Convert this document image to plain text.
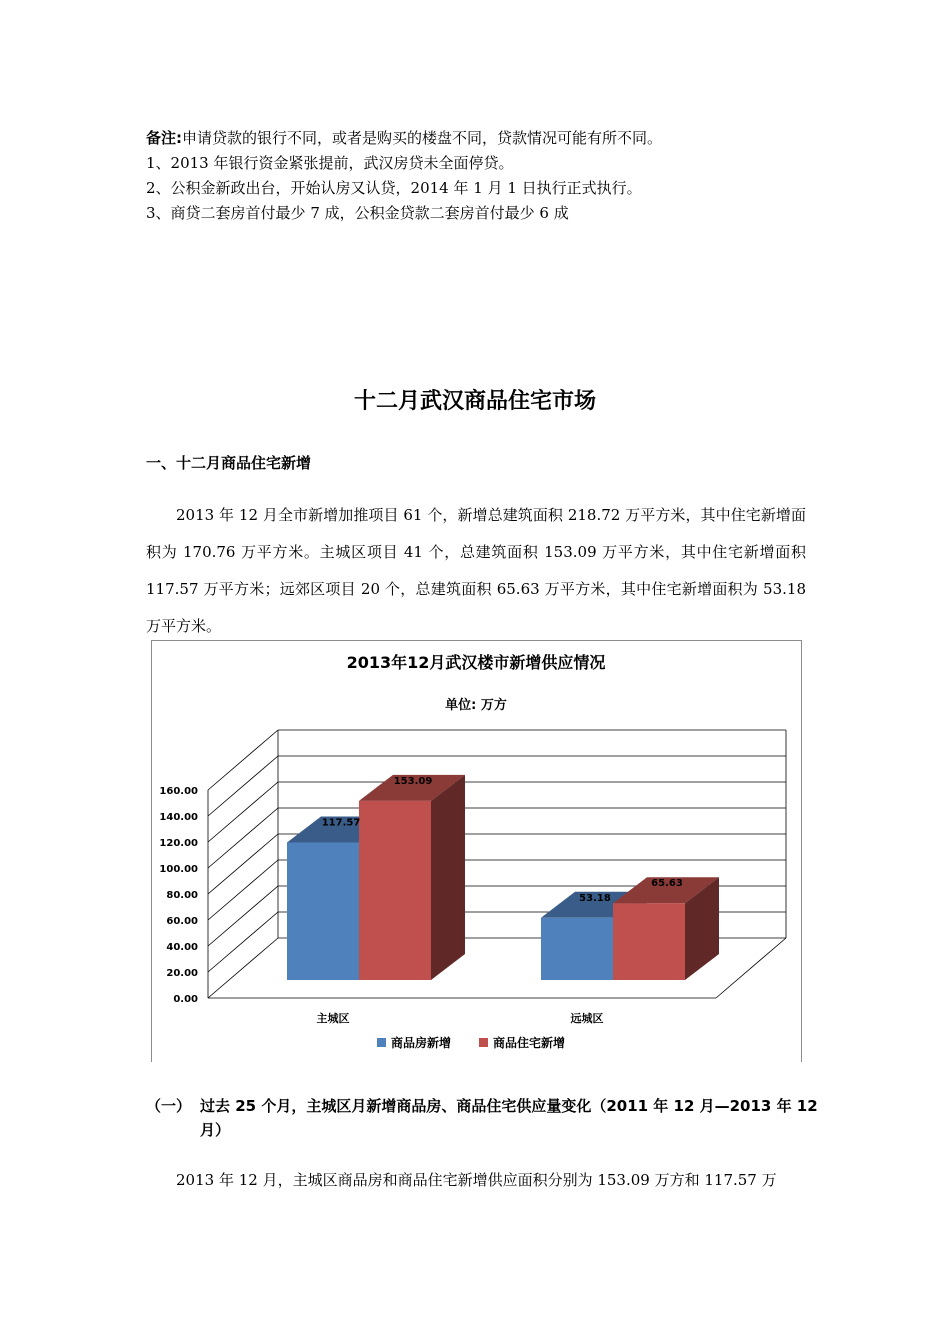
备注:申请贷款的银行不同，或者是购买的楼盘不同，贷款情况可能有所不同。
1、2013 年银行资金紧张提前，武汉房贷未全面停贷。
2、公积金新政出台，开始认房又认贷，2014 年 1 月 1 日执行正式执行。
3、商贷二套房首付最少 7 成，公积金贷款二套房首付最少 6 成
十二月武汉商品住宅市场
一、十二月商品住宅新增
2013 年 12 月全市新增加推项目 61 个，新增总建筑面积 218.72 万平方米，其中住宅新增面积为 170.76 万平方米。主城区项目 41 个，总建筑面积 153.09 万平方米，其中住宅新增面积 117.57 万平方米；远郊区项目 20 个，总建筑面积 65.63 万平方米，其中住宅新增面积为 53.18 万平方米。
2013年12月武汉楼市新增供应情况
单位: 万方
117.57
153.09
53.18
65.63
0.00
20.00
40.00
60.00
80.00
100.00
120.00
140.00
160.00
主城区	远城区
商品房新增	商品住宅新增
（一） 过去 25 个月，主城区月新增商品房、商品住宅供应量变化（2011 年 12 月—2013 年 12 月）
2013 年 12 月，主城区商品房和商品住宅新增供应面积分别为 153.09 万方和 117.57 万
